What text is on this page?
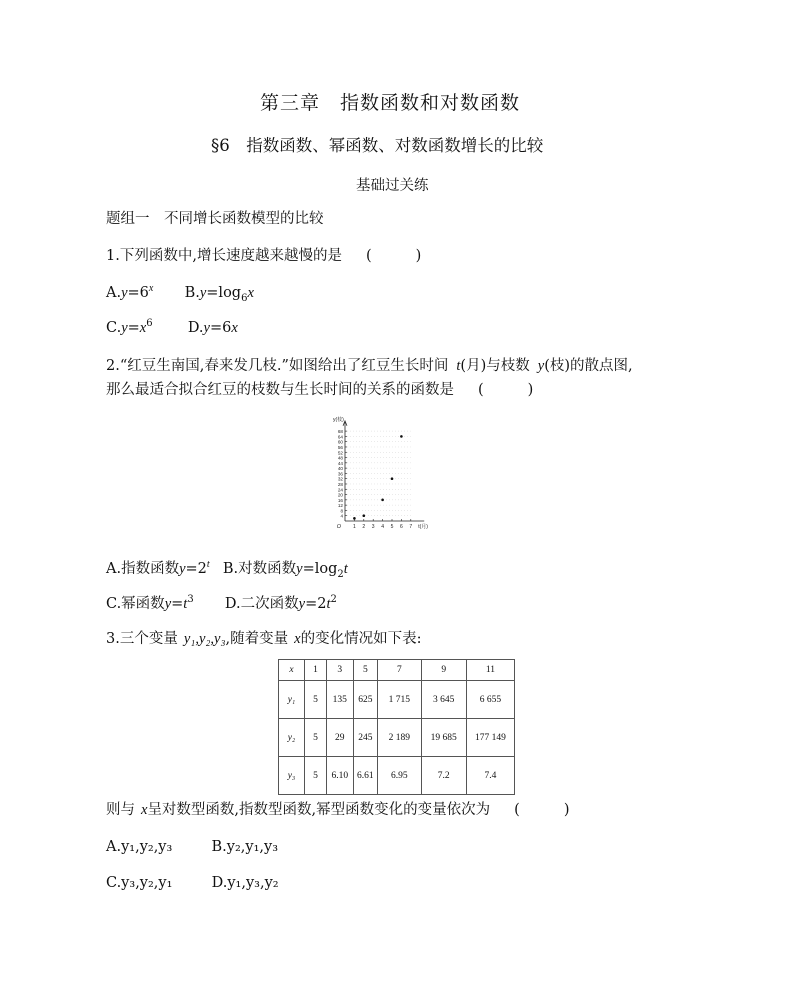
第三章　指数函数和对数函数
§6　指数函数、幂函数、对数函数增长的比较
基础过关练
题组一　不同增长函数模型的比较
1.下列函数中,增长速度越来越慢的是 (	)
$A.y=6^x$ $B.y=\log_6x$
$C.y=x^6$ D.y=6x
2.“红豆生南国,春来发几枝.”如图给出了红豆生长时间 t(月)与枝数 y(枝)的散点图,
那么最适合拟合红豆的枝数与生长时间的关系的函数是 (	)
4
8
12
16
20
24
28
32
36
40
44
48
52
56
60
64
68
1 2 3 4 5 6 7
O	t(月)
y(枝)
A.指数函数$y=2^t$ B.对数函数$y=\log_2t$
C.幂函数$y=t^3$ D.二次函数$y=2t^2$
3.三个变量 y₁,y₂,y₃,随着变量 x的变化情况如下表:
x	1	3	5	7	9	11
y₁	5	135	625	1 715	3 645	6 655
y₂	5	29	245	2 189	19 685	177 149
y₃	5	6.10	6.61	6.95	7.2	7.4
则与 x呈对数型函数,指数型函数,幂型函数变化的变量依次为 (	)
A.y₁,y₂,y₃	B.y₂,y₁,y₃
C.y₃,y₂,y₁	D.y₁,y₃,y₂
